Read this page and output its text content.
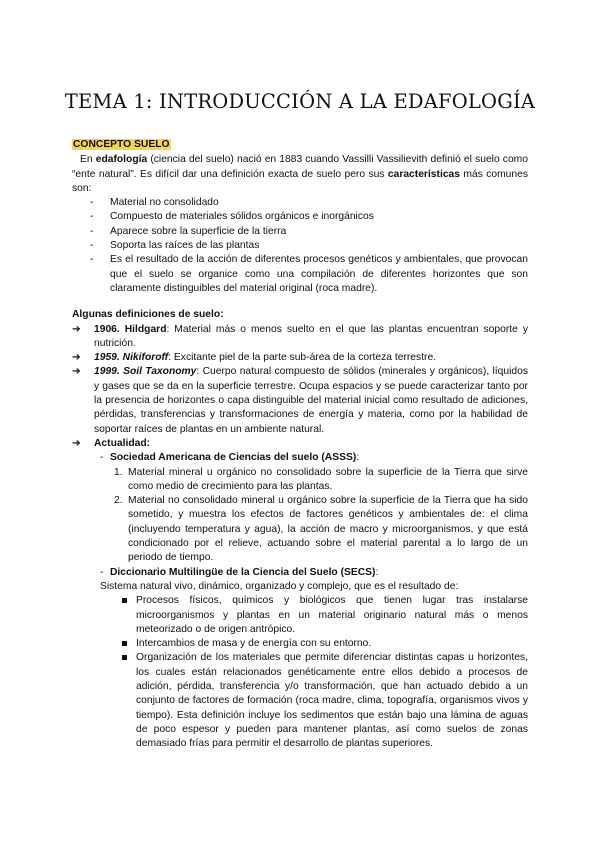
TEMA 1: INTRODUCCIÓN A LA EDAFOLOGÍA

CONCEPTO SUELO

En edafología (ciencia del suelo) nació en 1883 cuando Vassilli Vassilievith definió el suelo como “ente natural”. Es difícil dar una definición exacta de suelo pero sus características más comunes son:

- Material no consolidado
- Compuesto de materiales sólidos orgánicos e inorgánicos
- Aparece sobre la superficie de la tierra
- Soporta las raíces de las plantas
- Es el resultado de la acción de diferentes procesos genéticos y ambientales, que provocan que el suelo se organice como una compilación de diferentes horizontes que son claramente distinguibles del material original (roca madre).

Algunas definiciones de suelo:

➔ 1906. Hildgard: Material más o menos suelto en el que las plantas encuentran soporte y nutrición.
➔ 1959. Nikiforoff: Excitante piel de la parte sub-área de la corteza terrestre.
➔ 1999. Soil Taxonomy: Cuerpo natural compuesto de sólidos (minerales y orgánicos), líquidos y gases que se da en la superficie terrestre. Ocupa espacios y se puede caracterizar tanto por la presencia de horizontes o capa distinguible del material inicial como resultado de adiciones, pérdidas, transferencias y transformaciones de energía y materia, como por la habilidad de soportar raíces de plantas en un ambiente natural.
➔ Actualidad:
- Sociedad Americana de Ciencias del suelo (ASSS):
1. Material mineral u orgánico no consolidado sobre la superficie de la Tierra que sirve como medio de crecimiento para las plantas.
2. Material no consolidado mineral u orgánico sobre la superficie de la Tierra que ha sido sometido, y muestra los efectos de factores genéticos y ambientales de: el clima (incluyendo temperatura y agua), la acción de macro y microorganismos, y que está condicionado por el relieve, actuando sobre el material parental a lo largo de un periodo de tiempo.
- Diccionario Multilingüe de la Ciencia del Suelo (SECS):

Sistema natural vivo, dinámico, organizado y complejo, que es el resultado de:

Procesos físicos, químicos y biológicos que tienen lugar tras instalarse microorganismos y plantas en un material originario natural más o menos meteorizado o de origen antrópico.
Intercambios de masa y de energía con su entorno.
Organización de los materiales que permite diferenciar distintas capas u horizontes, los cuales están relacionados genéticamente entre ellos debido a procesos de adición, pérdida, transferencia y/o transformación, que han actuado debido a un conjunto de factores de formación (roca madre, clima, topografía, organismos vivos y tiempo). Esta definición incluye los sedimentos que están bajo una lámina de aguas de poco espesor y pueden para mantener plantas, así como suelos de zonas demasiado frías para permitir el desarrollo de plantas superiores.
